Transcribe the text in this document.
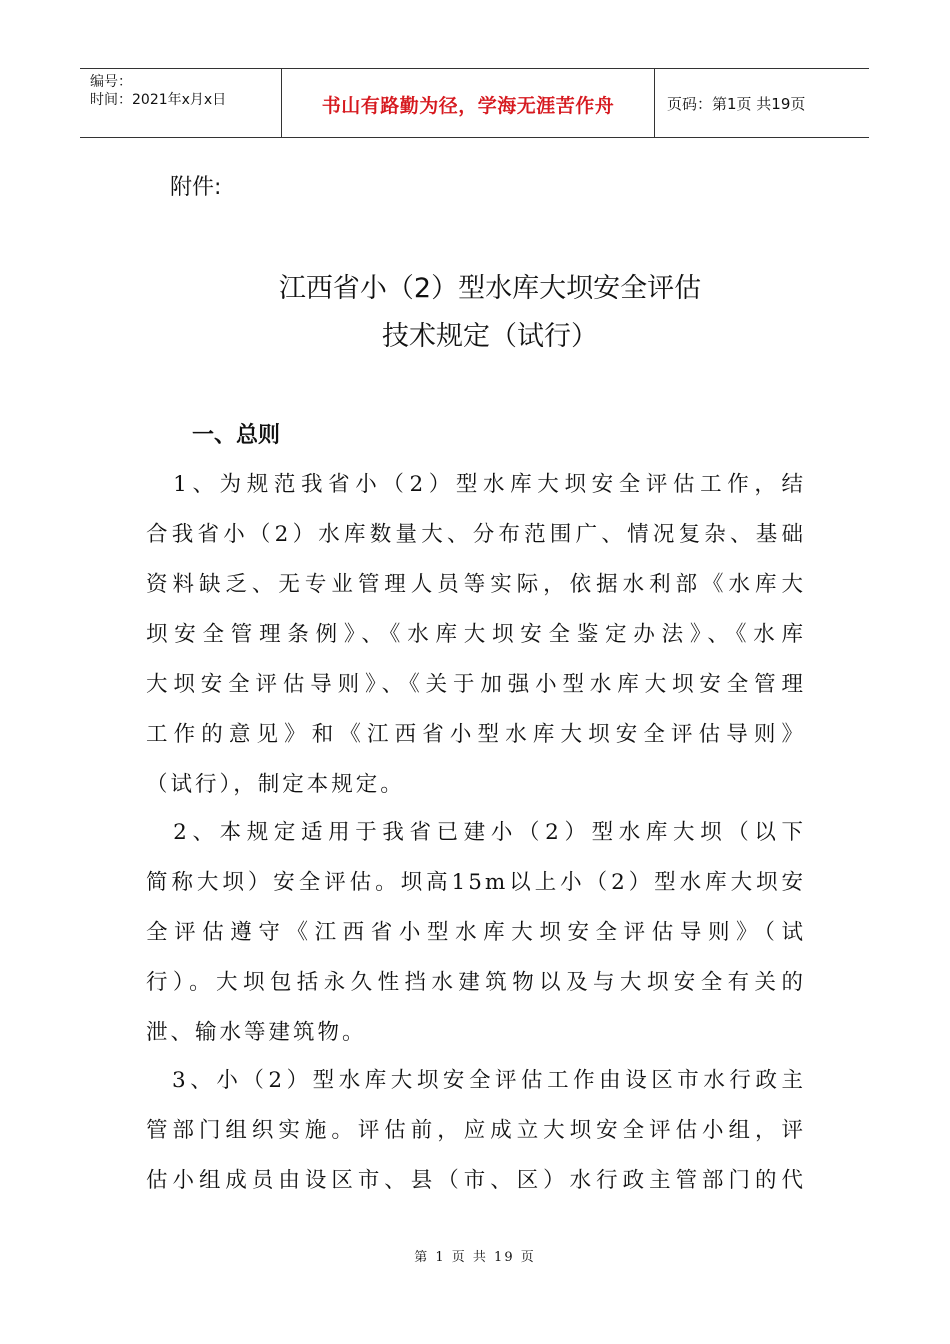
编号：
时间：2021年x月x日	书山有路勤为径，学海无涯苦作舟	页码：第1页 共19页
附件:
江西省小（2）型水库大坝安全评估
技术规定（试行）
一、总则
　1、为规范我省小（2）型水库大坝安全评估工作，结
合我省小（2）水库数量大、分布范围广、情况复杂、基础
资料缺乏、无专业管理人员等实际，依据水利部《水库大
坝安全管理条例》、《水库大坝安全鉴定办法》、《水库
大坝安全评估导则》、《关于加强小型水库大坝安全管理
工作的意见》和《江西省小型水库大坝安全评估导则》
（试行），制定本规定。
　2、本规定适用于我省已建小（2）型水库大坝（以下
简称大坝）安全评估。坝高15m以上小（2）型水库大坝安
全评估遵守《江西省小型水库大坝安全评估导则》（试
行）。大坝包括永久性挡水建筑物以及与大坝安全有关的
泄、输水等建筑物。
　3、小（2）型水库大坝安全评估工作由设区市水行政主
管部门组织实施。评估前，应成立大坝安全评估小组，评
估小组成员由设区市、县（市、区）水行政主管部门的代
第 1 页 共 19 页
